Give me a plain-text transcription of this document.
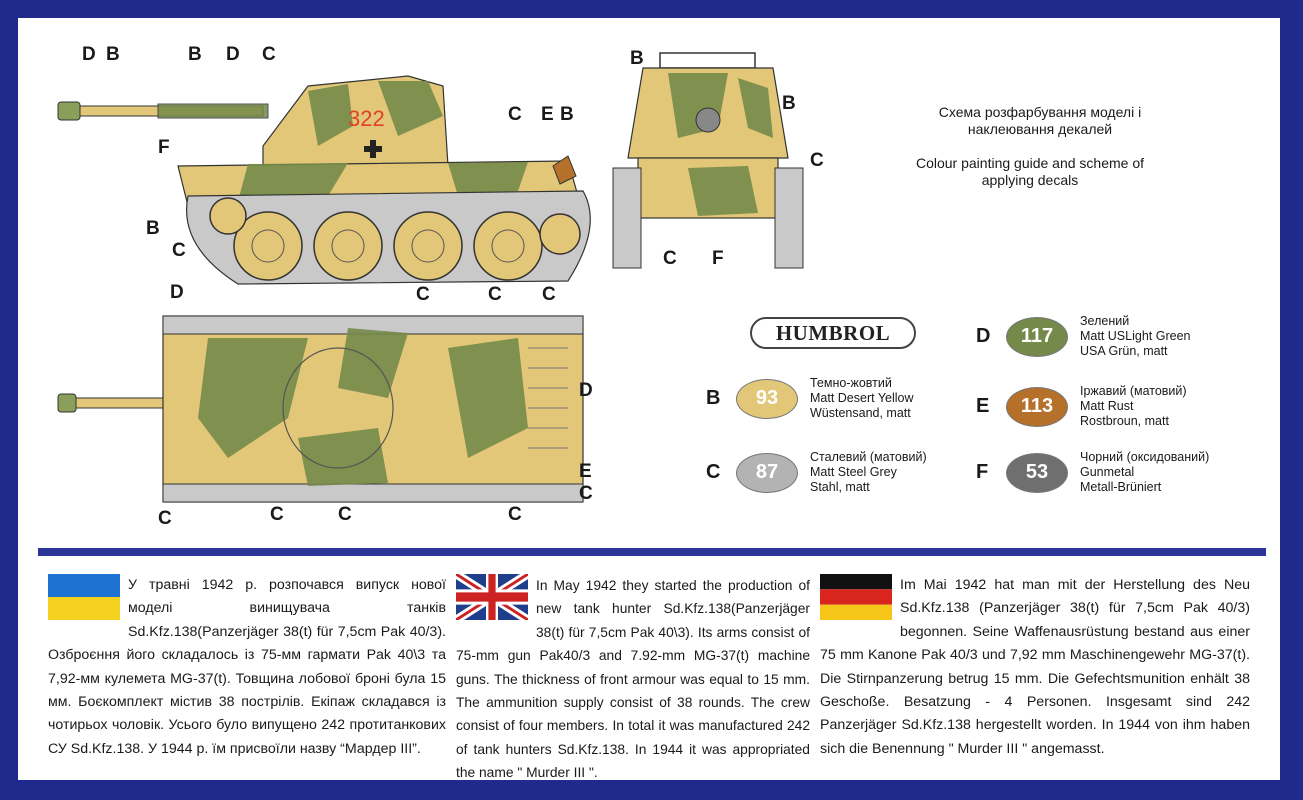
322
D B	B D C
C E B
F
B
C
B
B
C
C F
D	C	C C
D
E
C
C	C	C	C
Схема розфарбування моделі і наклеювання декалей
Colour painting guide and scheme of applying decals
HUMBROL
B	93
Темно-жовтий
Matt Desert Yellow
Wüstensand, matt
C	87
Сталевий (матовий)
Matt Steel Grey
Stahl, matt
D	117
Зелений
Matt USLight Green
USA Grün, matt
E	113
Іржавий (матовий)
Matt Rust
Rostbroun, matt
F	53
Чорний (оксидований)
Gunmetal
Metall-Brüniert
У травні 1942 р. розпочався випуск нової моделі винищувача танків Sd.Kfz.138(Panzerjäger 38(t) für 7,5cm Pak 40/3). Озброєння його складалось із 75-мм гармати Pak 40\3 та 7,92-мм кулемета MG-37(t). Товщина лобової броні була 15 мм. Боєкомплект містив 38 пострілів. Екіпаж складався із чотирьох чоловік. Усього було випущено 242 протитанкових СУ Sd.Kfz.138. У 1944 р. їм присвоїли назву “Мардер ІІІ”.
In May 1942 they started the production of new tank hunter Sd.Kfz.138(Panzerjäger 38(t) für 7,5cm Pak 40\3). Its arms consist of 75-mm gun Pak40/3 and 7.92-mm MG-37(t) machine guns. The thickness of front armour was equal to 15 mm. The ammunition supply consist of 38 rounds. The crew consist of four members. In total it was manufactured 242 of tank hunters Sd.Kfz.138. In 1944 it was appropriated the name " Murder III ".
Im Mai 1942 hat man mit der Herstellung des Neu Sd.Kfz.138 (Panzerjäger 38(t) für 7,5cm Pak 40/3) begonnen. Seine Waffenausrüstung bestand aus einer 75 mm Kanone Pak 40/3 und 7,92 mm Maschinengewehr MG-37(t). Die Stirnpanzerung betrug 15 mm. Die Gefechtsmunition enhält 38 Geschoße. Besatzung - 4 Personen. Insgesamt sind 242 Panzerjäger Sd.Kfz.138 hergestellt worden. In 1944 von ihm haben sich die Benennung " Murder III " angemasst.
